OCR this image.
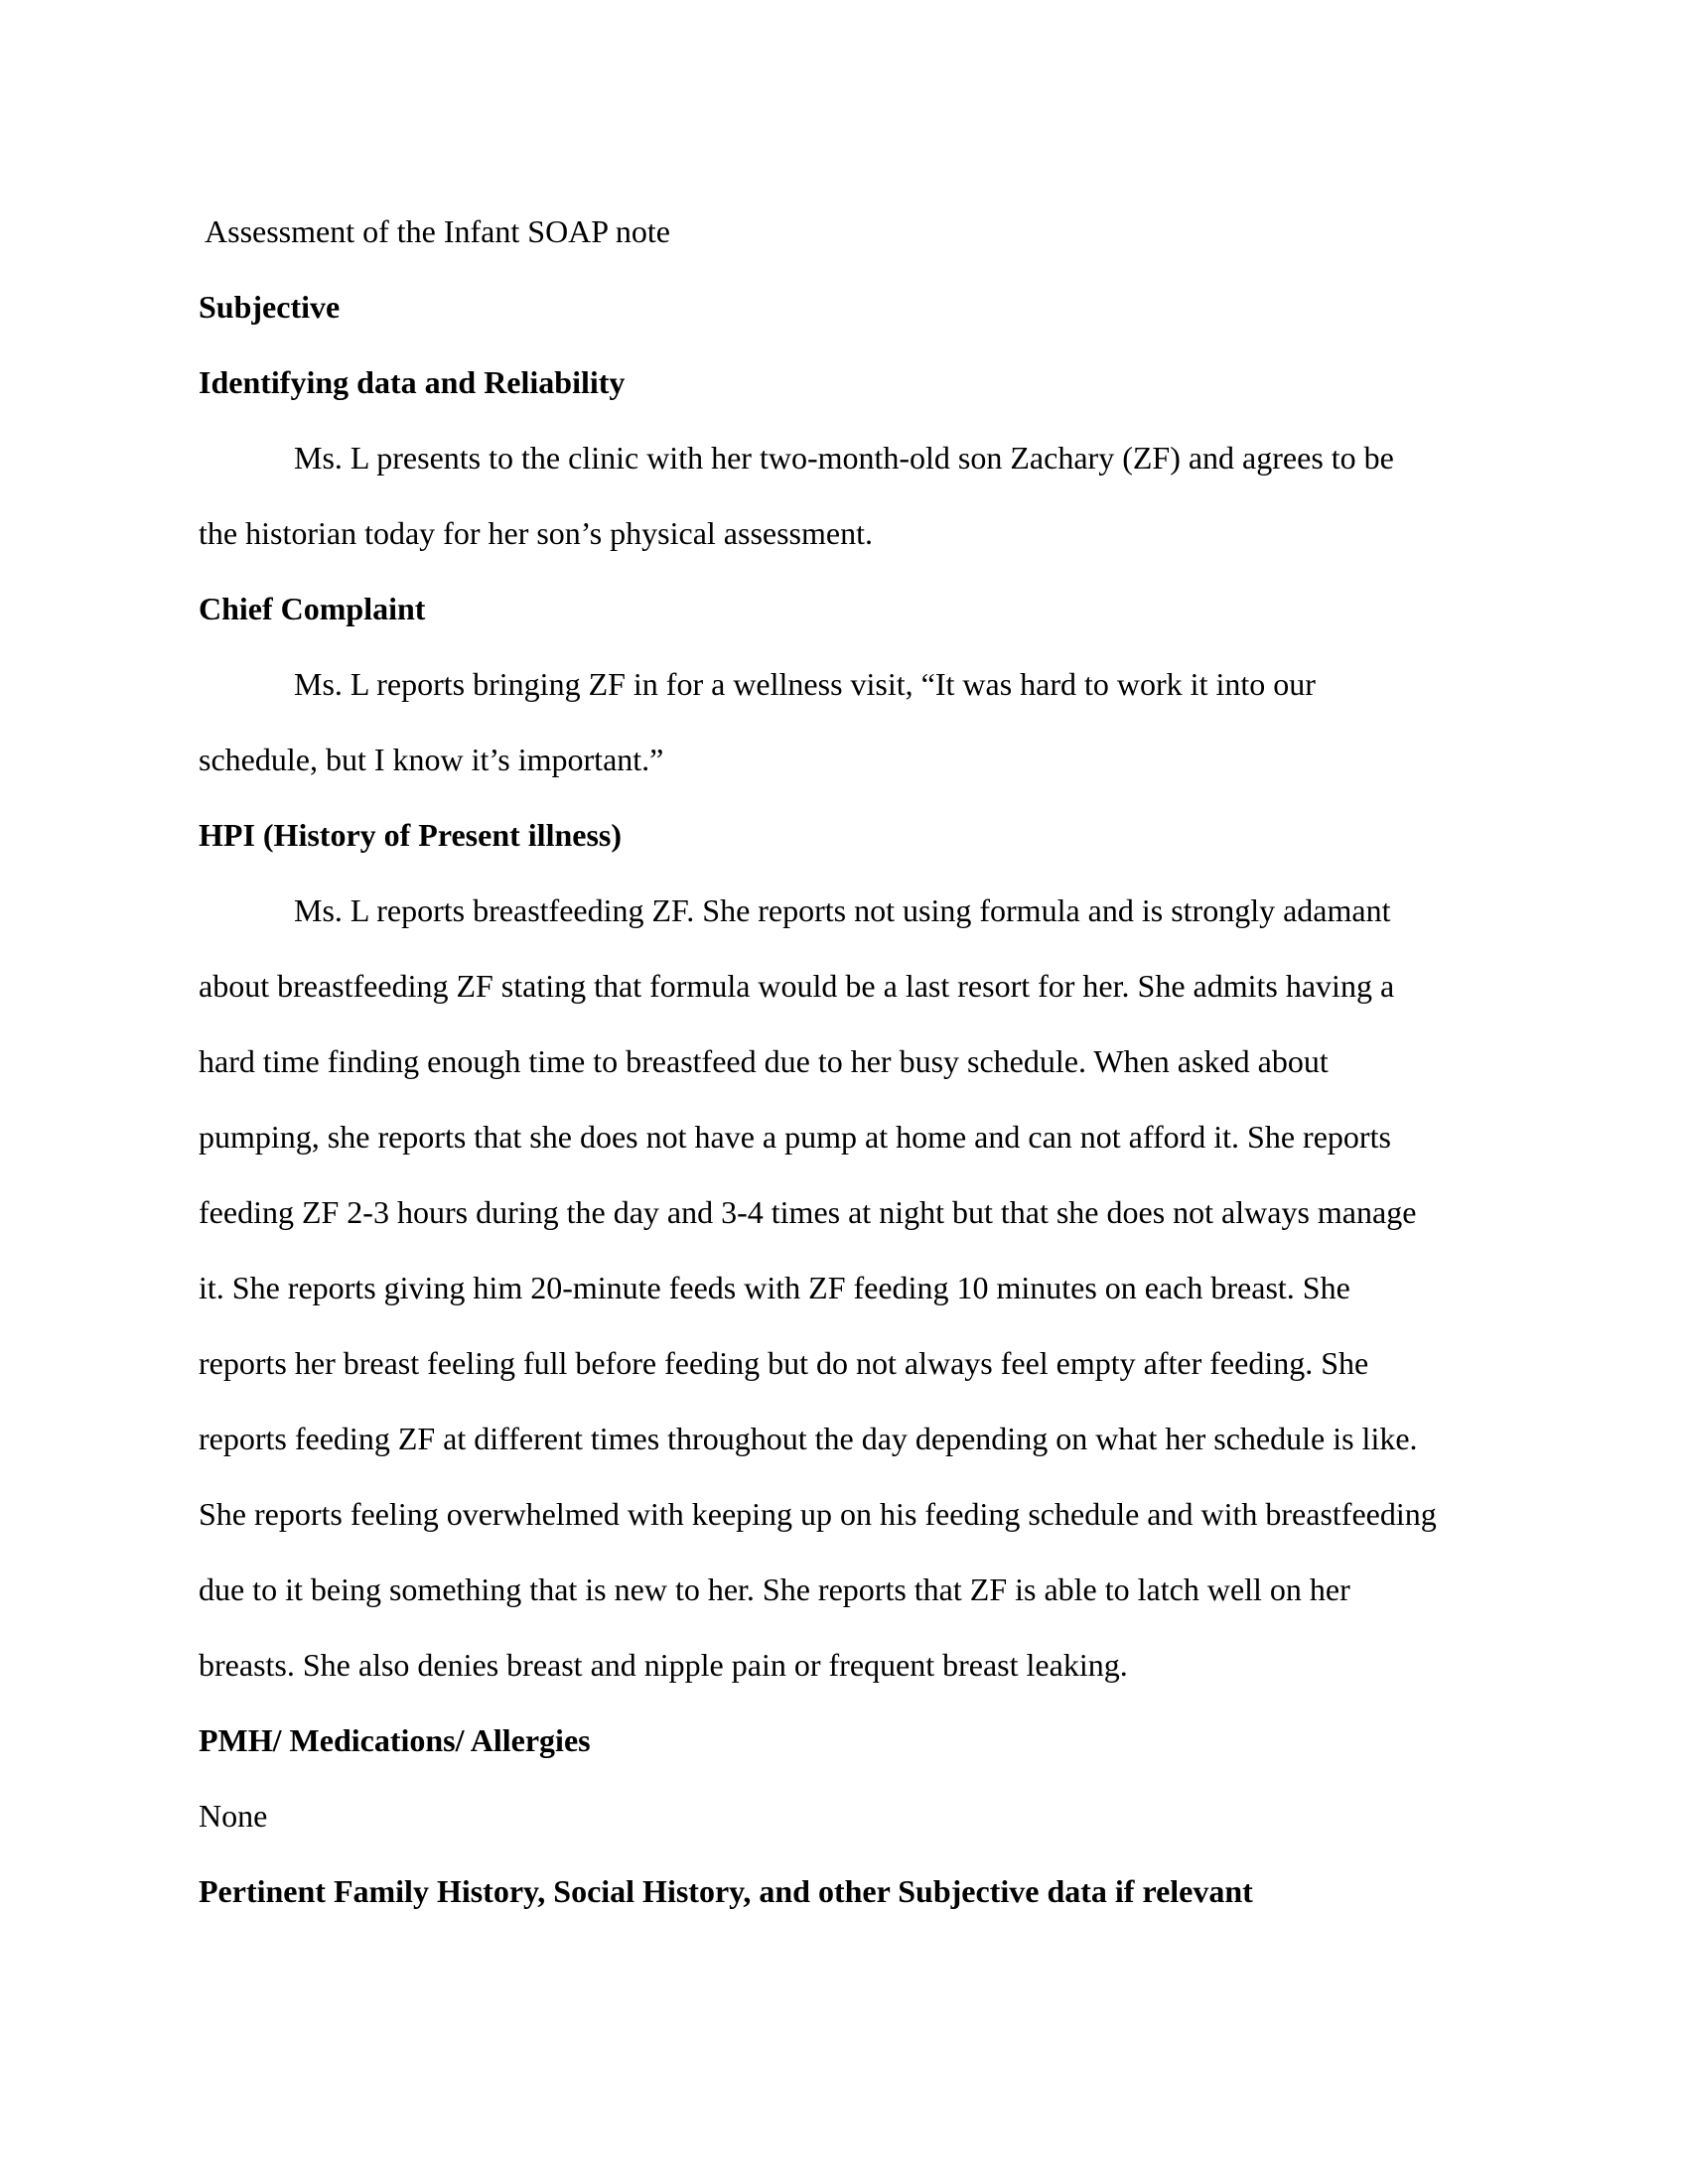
Assessment of the Infant SOAP note

Subjective

Identifying data and Reliability

Ms. L presents to the clinic with her two-month-old son Zachary (ZF) and agrees to be
the historian today for her son’s physical assessment.

Chief Complaint

Ms. L reports bringing ZF in for a wellness visit, “It was hard to work it into our
schedule, but I know it’s important.”

HPI (History of Present illness)

Ms. L reports breastfeeding ZF. She reports not using formula and is strongly adamant
about breastfeeding ZF stating that formula would be a last resort for her. She admits having a
hard time finding enough time to breastfeed due to her busy schedule. When asked about
pumping, she reports that she does not have a pump at home and can not afford it. She reports
feeding ZF 2-3 hours during the day and 3-4 times at night but that she does not always manage
it. She reports giving him 20-minute feeds with ZF feeding 10 minutes on each breast. She
reports her breast feeling full before feeding but do not always feel empty after feeding. She
reports feeding ZF at different times throughout the day depending on what her schedule is like.
She reports feeling overwhelmed with keeping up on his feeding schedule and with breastfeeding
due to it being something that is new to her. She reports that ZF is able to latch well on her
breasts. She also denies breast and nipple pain or frequent breast leaking.

PMH/ Medications/ Allergies

None

Pertinent Family History, Social History, and other Subjective data if relevant
